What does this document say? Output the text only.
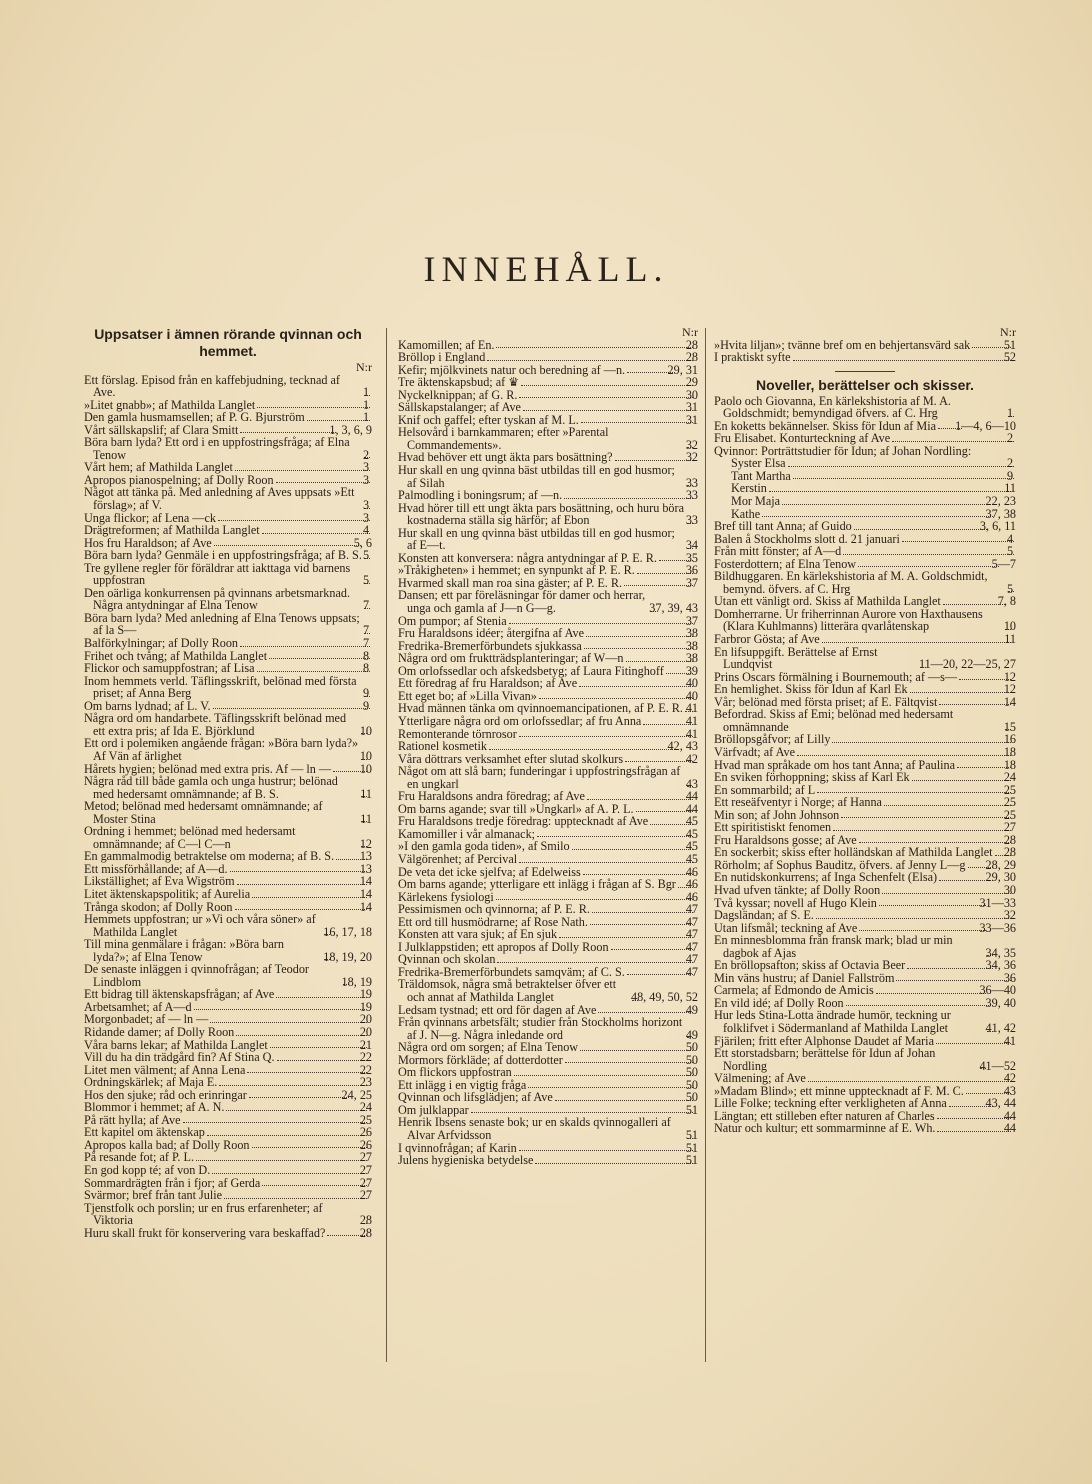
INNEHÅLL.
Uppsatser i ämnen rörande qvinnan och hemmet.
N:r
Ett förslag. Episod från en kaffebjudning, tecknad af Ave.	1
»Litet gnabb»; af Mathilda Langlet	1
Den gamla husmamsellen; af P. G. Bjurström	1
Vårt sällskapslif; af Clara Smitt	1, 3, 6, 9
Böra barn lyda? Ett ord i en uppfostringsfråga; af Elna Tenow	2
Vårt hem; af Mathilda Langlet	3
Apropos pianospelning; af Dolly Roon	3
Något att tänka på. Med anledning af Aves uppsats »Ett förslag»; af V.	3
Unga flickor; af Lena —ck	3
Drägtreformen; af Mathilda Langlet	4
Hos fru Haraldson; af Ave	5, 6
Böra barn lyda? Genmäle i en uppfostringsfråga; af B. S. 5
Tre gyllene regler för föräldrar att iakttaga vid barnens uppfostran	5
Den oärliga konkurrensen på qvinnans arbetsmarknad. Några antydningar af Elna Tenow	7
Böra barn lyda? Med anledning af Elna Tenows uppsats; af la S—	7
Balförkylningar; af Dolly Roon	7
Frihet och tvång; af Mathilda Langlet	8
Flickor och samuppfostran; af Lisa	8
Inom hemmets verld. Täflingsskrift, belönad med första priset; af Anna Berg	9
Om barns lydnad; af L. V.	9
Några ord om handarbete. Täflingsskrift belönad med ett extra pris; af Ida E. Björklund	10
Ett ord i polemiken angående frågan: »Böra barn lyda?» Af Vän af ärlighet	10
Hårets hygien; belönad med extra pris. Af — ln — 10
Några råd till både gamla och unga hustrur; belönad med hedersamt omnämnande; af B. S.	11
Metod; belönad med hedersamt omnämnande; af Moster Stina	11
Ordning i hemmet; belönad med hedersamt omnämnande; af C—l C—n	12
En gammalmodig betraktelse om moderna; af B. S. 13
Ett missförhållande; af A—d.	13
Likställighet; af Eva Wigström	14
Litet äktenskapspolitik; af Aurelia	14
Trånga skodon; af Dolly Roon	14
Hemmets uppfostran; ur »Vi och våra söner» af Mathilda Langlet	16, 17, 18
Till mina genmälare i frågan: »Böra barn lyda?»; af Elna Tenow	18, 19, 20
De senaste inläggen i qvinnofrågan; af Teodor Lindblom	18, 19
Ett bidrag till äktenskapsfrågan; af Ave	19
Arbetsamhet; af A—d	19
Morgonbadet; af — ln —	20
Ridande damer; af Dolly Roon	20
Våra barns lekar; af Mathilda Langlet	21
Vill du ha din trädgård fin? Af Stina Q.	22
Litet men välment; af Anna Lena	22
Ordningskärlek; af Maja E.	23
Hos den sjuke; råd och erinringar	24, 25
Blommor i hemmet; af A. N.	24
På rätt hylla; af Ave	25
Ett kapitel om äktenskap	26
Apropos kalla bad; af Dolly Roon	26
På resande fot; af P. L.	27
En god kopp té; af von D.	27
Sommardrägten från i fjor; af Gerda	27
Svärmor; bref från tant Julie	27
Tjenstfolk och porslin; ur en frus erfarenheter; af Viktoria	28
Huru skall frukt för konservering vara beskaffad?	28
N:r
Kamomillen; af En.	28
Bröllop i England	28
Kefir; mjölkvinets natur och beredning af —n.	29, 31
Tre äktenskapsbud; af ♛	29
Nyckelknippan; af G. R.	30
Sällskapstalanger; af Ave	31
Knif och gaffel; efter tyskan af M. L.	31
Helsovård i barnkammaren; efter »Parental Commandements».	32
Hvad behöver ett ungt äkta pars bosättning?	32
Hur skall en ung qvinna bäst utbildas till en god husmor; af Silah	33
Palmodling i boningsrum; af —n.	33
Hvad hörer till ett ungt äkta pars bosättning, och huru böra kostnaderna ställa sig härför; af Ebon	33
Hur skall en ung qvinna bäst utbildas till en god husmor; af E—t.	34
Konsten att konversera: några antydningar af P. E. R. 35
»Tråkigheten» i hemmet; en synpunkt af P. E. R.	36
Hvarmed skall man roa sina gäster; af P. E. R.	37
Dansen; ett par föreläsningar för damer och herrar, unga och gamla af J—n G—g.	37, 39, 43
Om pumpor; af Stenia	37
Fru Haraldsons idéer; återgifna af Ave	38
Fredrika-Bremerförbundets sjukkassa	38
Några ord om fruktträdsplanteringar; af W—n	38
Om orlofssedlar och afskedsbetyg; af Laura Fitinghoff 39
Ett föredrag af fru Haraldson; af Ave	40
Ett eget bo; af »Lilla Vivan»	40
Hvad männen tänka om qvinnoemancipationen, af P. E. R. 41
Ytterligare några ord om orlofssedlar; af fru Anna	41
Remonterande törnrosor	41
Rationel kosmetik	42, 43
Våra döttrars verksamhet efter slutad skolkurs	42
Något om att slå barn; funderingar i uppfostringsfrågan af en ungkarl	43
Fru Haraldsons andra föredrag; af Ave	44
Om barns agande; svar till »Ungkarl» af A. P. L.	44
Fru Haraldsons tredje föredrag: upptecknadt af Ave	45
Kamomiller i vår almanack;	45
»I den gamla goda tiden», af Smilo	45
Välgörenhet; af Percival	45
De veta det icke sjelfva; af Edelweiss	46
Om barns agande; ytterligare ett inlägg i frågan af S. Bgr 46
Kärlekens fysiologi	46
Pessimismen och qvinnorna; af P. E. R.	47
Ett ord till husmödrarne; af Rose Nath.	47
Konsten att vara sjuk; af En sjuk	47
I Julklappstiden; ett apropos af Dolly Roon	47
Qvinnan och skolan	47
Fredrika-Bremerförbundets samqväm; af C. S.	47
Träldomsok, några små betraktelser öfver ett och annat af Mathilda Langlet	48, 49, 50, 52
Ledsam tystnad; ett ord för dagen af Ave	49
Från qvinnans arbetsfält; studier från Stockholms horizont af J. N—g. Några inledande ord	49
Några ord om sorgen; af Elna Tenow	50
Mormors förkläde; af dotterdotter	50
Om flickors uppfostran	50
Ett inlägg i en vigtig fråga	50
Qvinnan och lifsglädjen; af Ave	50
Om julklappar	51
Henrik Ibsens senaste bok; ur en skalds qvinnogalleri af Alvar Arfvidsson	51
I qvinnofrågan; af Karin	51
Julens hygieniska betydelse	51
N:r
»Hvita liljan»; tvänne bref om en behjertansvärd sak	51
I praktiskt syfte	52
Noveller, berättelser och skisser.
Paolo och Giovanna, En kärlekshistoria af M. A. Goldschmidt; bemyndigad öfvers. af C. Hrg	1
En koketts bekännelser. Skiss för Idun af Mia 1—4, 6—10
Fru Elisabet. Konturteckning af Ave	2
Qvinnor: Porträttstudier för Idun; af Johan Nordling:
Syster Elsa	2
Tant Martha	9
Kerstin	11
Mor Maja	22, 23
Kathe	37, 38
Bref till tant Anna; af Guido	3, 6, 11
Balen å Stockholms slott d. 21 januari	4
Från mitt fönster; af A—d	5
Fosterdottern; af Elna Tenow	5—7
Bildhuggaren. En kärlekshistoria af M. A. Goldschmidt, bemynd. öfvers. af C. Hrg	5
Utan ett vänligt ord. Skiss af Mathilda Langlet	7, 8
Domherrarne. Ur friherrinnan Aurore von Haxthausens (Klara Kuhlmanns) litterära qvarlåtenskap	10
Farbror Gösta; af Ave	11
En lifsuppgift. Berättelse af Ernst Lundqvist	11—20, 22—25, 27
Prins Oscars förmälning i Bournemouth; af —s—	12
En hemlighet. Skiss för Idun af Karl Ek	12
Vår; belönad med första priset; af E. Fältqvist	14
Befordrad. Skiss af Emi; belönad med hedersamt omnämnande	15
Bröllopsgåfvor; af Lilly	16
Värfvadt; af Ave	18
Hvad man språkade om hos tant Anna; af Paulina	18
En sviken förhoppning; skiss af Karl Ek	24
En sommarbild; af L	25
Ett reseäfventyr i Norge; af Hanna	25
Min son; af John Johnson	25
Ett spiritistiskt fenomen	27
Fru Haraldsons gosse; af Ave	28
En sockerbit; skiss efter holländskan af Mathilda Langlet 28
Rörholm; af Sophus Bauditz, öfvers. af Jenny L—g 28, 29
En nutidskonkurrens; af Inga Schenfelt (Elsa)	29, 30
Hvad ufven tänkte; af Dolly Roon	30
Två kyssar; novell af Hugo Klein	31—33
Dagsländan; af S. E.	32
Utan lifsmål; teckning af Ave	33—36
En minnesblomma från fransk mark; blad ur min dagbok af Ajas	34, 35
En bröllopsafton; skiss af Octavia Beer	34, 36
Min väns hustru; af Daniel Fallström	36
Carmela; af Edmondo de Amicis	36—40
En vild idé; af Dolly Roon	39, 40
Hur leds Stina-Lotta ändrade humör, teckning ur folklifvet i Södermanland af Mathilda Langlet	41, 42
Fjärilen; fritt efter Alphonse Daudet af Maria	41
Ett storstadsbarn; berättelse för Idun af Johan Nordling	41—52
Välmening; af Ave	42
»Madam Blind»; ett minne upptecknadt af F. M. C.	43
Lille Folke; teckning efter verkligheten af Anna	43, 44
Längtan; ett stilleben efter naturen af Charles	44
Natur och kultur; ett sommarminne af E. Wh.	44
